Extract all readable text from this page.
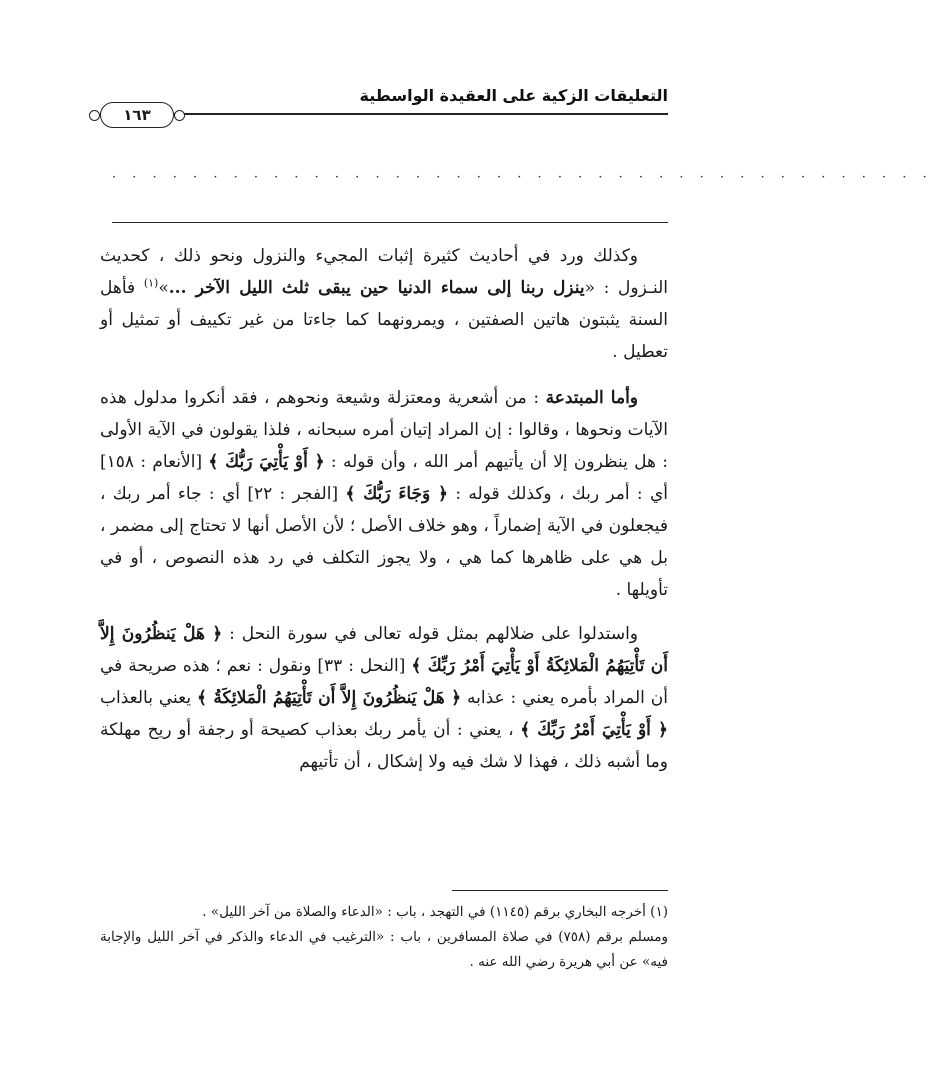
التعليقات الزكية على العقيدة الواسطية
١٦٣
· · · · · · · · · · · · · · · · · · · · · · · · · · · · · · · · · · · · · · · · ·

وكذلك ورد في أحاديث كثيرة إثبات المجيء والنزول ونحو ذلك ، كحديث النـزول : «ينزل ربنا إلى سماء الدنيا حين يبقى ثلث الليل الآخر ...»$^{(١)}$ فأهل السنة يثبتون هاتين الصفتين ، ويمرونهما كما جاءتا من غير تكييف أو تمثيل أو تعطيل .

وأما المبتدعة : من أشعرية ومعتزلة وشيعة ونحوهم ، فقد أنكروا مدلول هذه الآيات ونحوها ، وقالوا : إن المراد إتيان أمره سبحانه ، فلذا يقولون في الآية الأولى : هل ينظرون إلا أن يأتيهم أمر الله ، وأن قوله : ﴿ أَوْ يَأْتِيَ رَبُّكَ ﴾ [الأنعام : ١٥٨] أي : أمر ربك ، وكذلك قوله : ﴿ وَجَاءَ رَبُّكَ ﴾ [الفجر : ٢٢] أي : جاء أمر ربك ، فيجعلون في الآية إضماراً ، وهو خلاف الأصل ؛ لأن الأصل أنها لا تحتاج إلى مضمر ، بل هي على ظاهرها كما هي ، ولا يجوز التكلف في رد هذه النصوص ، أو في تأويلها .

واستدلوا على ضلالهم بمثل قوله تعالى في سورة النحل : ﴿ هَلْ يَنظُرُونَ إِلاَّ أَن تَأْتِيَهُمُ الْمَلائِكَةُ أَوْ يَأْتِيَ أَمْرُ رَبِّكَ ﴾ [النحل : ٣٣] ونقول : نعم ؛ هذه صريحة في أن المراد بأمره يعني : عذابه ﴿ هَلْ يَنظُرُونَ إِلاَّ أَن تَأْتِيَهُمُ الْمَلائِكَةُ ﴾ يعني بالعذاب ﴿ أَوْ يَأْتِيَ أَمْرُ رَبِّكَ ﴾ ، يعني : أن يأمر ربك بعذاب كصيحة أو رجفة أو ريح مهلكة وما أشبه ذلك ، فهذا لا شك فيه ولا إشكال ، أن تأتيهم

(١) أخرجه البخاري برقم (١١٤٥) في التهجد ، باب : «الدعاء والصلاة من آخر الليل» .

ومسلم برقم (٧٥٨) في صلاة المسافرين ، باب : «الترغيب في الدعاء والذكر في آخر الليل والإجابة فيه» عن أبي هريرة رضي الله عنه .
